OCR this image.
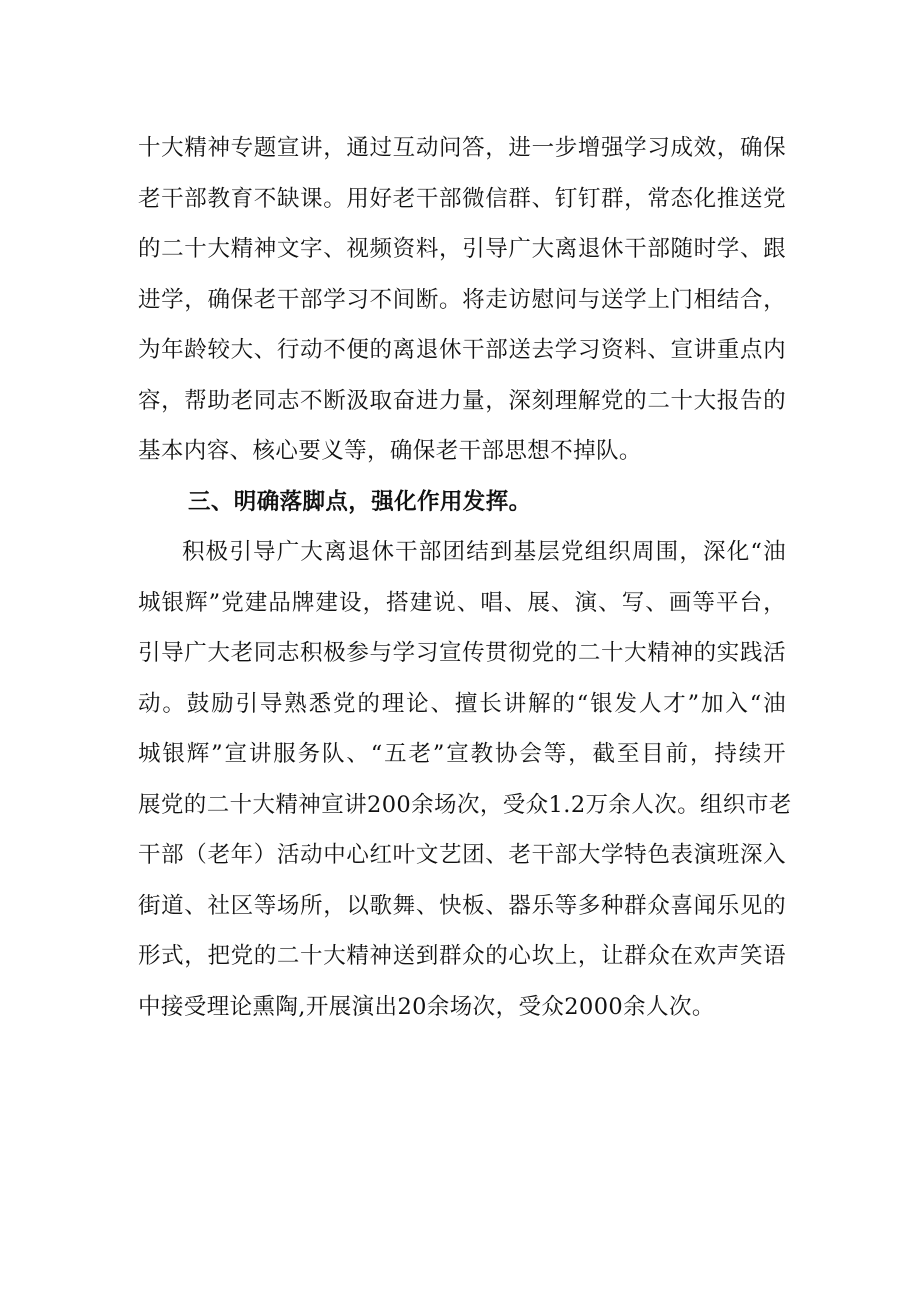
十大精神专题宣讲，通过互动问答，进一步增强学习成效，确保
老干部教育不缺课。用好老干部微信群、钉钉群，常态化推送党
的二十大精神文字、视频资料，引导广大离退休干部随时学、跟
进学，确保老干部学习不间断。将走访慰问与送学上门相结合，
为年龄较大、行动不便的离退休干部送去学习资料、宣讲重点内
容，帮助老同志不断汲取奋进力量，深刻理解党的二十大报告的
基本内容、核心要义等，确保老干部思想不掉队。
三、明确落脚点，强化作用发挥。
积极引导广大离退休干部团结到基层党组织周围，深化“油
城银辉”党建品牌建设，搭建说、唱、展、演、写、画等平台，
引导广大老同志积极参与学习宣传贯彻党的二十大精神的实践活
动。鼓励引导熟悉党的理论、擅长讲解的“银发人才”加入“油
城银辉”宣讲服务队、“五老”宣教协会等，截至目前，持续开
展党的二十大精神宣讲200余场次，受众1.2万余人次。组织市老
干部（老年）活动中心红叶文艺团、老干部大学特色表演班深入
街道、社区等场所，以歌舞、快板、器乐等多种群众喜闻乐见的
形式，把党的二十大精神送到群众的心坎上，让群众在欢声笑语
中接受理论熏陶,开展演出20余场次，受众2000余人次。
